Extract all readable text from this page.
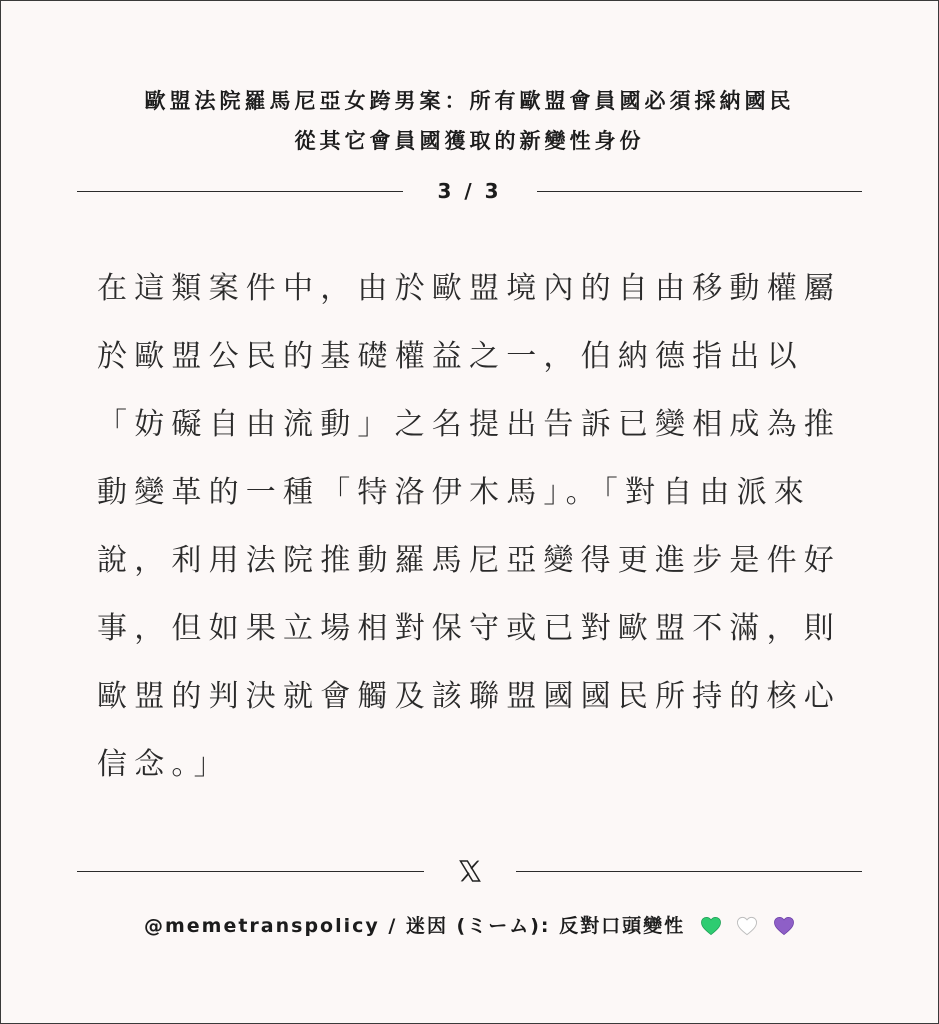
歐盟法院羅馬尼亞女跨男案：所有歐盟會員國必須採納國民
從其它會員國獲取的新變性身份
3 / 3
在這類案件中，由於歐盟境內的自由移動權屬
於歐盟公民的基礎權益之一，伯納德指出以
「妨礙自由流動」之名提出告訴已變相成為推
動變革的一種「特洛伊木馬」。「對自由派來
說，利用法院推動羅馬尼亞變得更進步是件好
事，但如果立場相對保守或已對歐盟不滿，則
歐盟的判決就會觸及該聯盟國國民所持的核心
信念。」
@memetranspolicy / 迷因 (ミーム): 反對口頭變性
